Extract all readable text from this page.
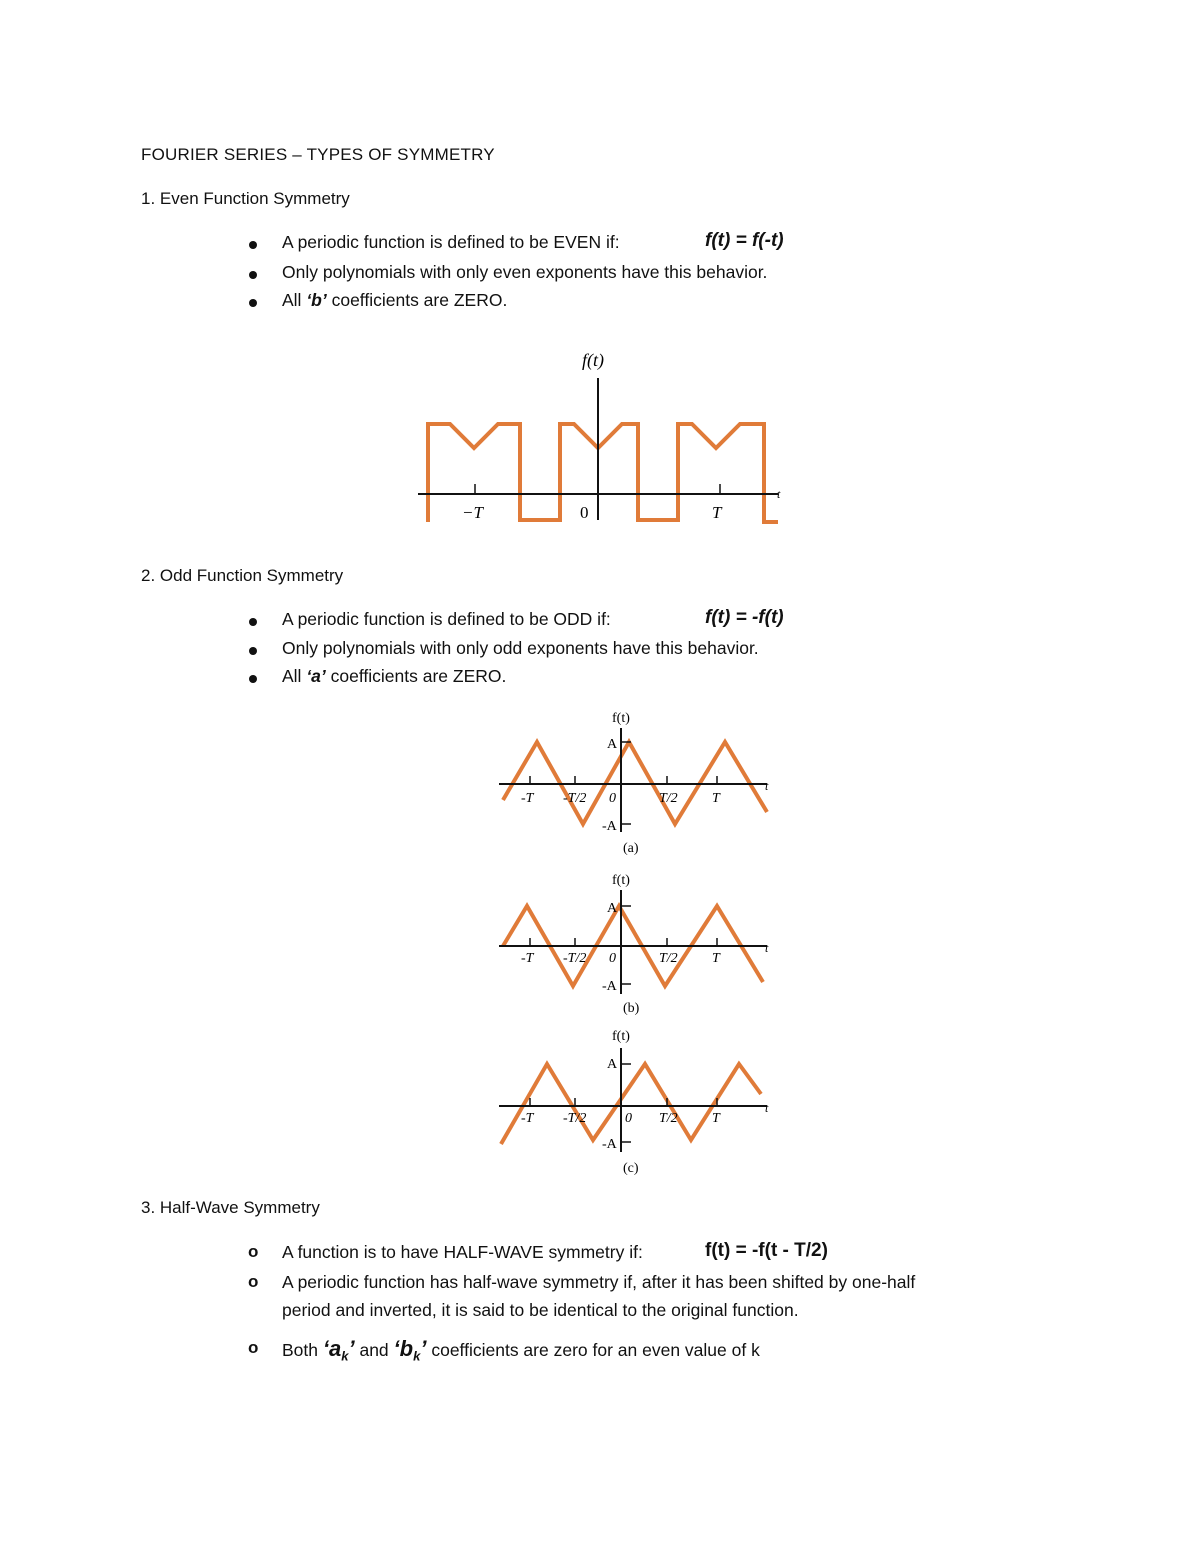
FOURIER SERIES – TYPES OF SYMMETRY
1. Even Function Symmetry
A periodic function is defined to be EVEN if:	f(t) = f(-t)
Only polynomials with only even exponents have this behavior.
All ‘b’ coefficients are ZERO.
f(t)
t
−T	0	T
2. Odd Function Symmetry
A periodic function is defined to be ODD if:	f(t) = -f(t)
Only polynomials with only odd exponents have this behavior.
All ‘a’ coefficients are ZERO.
f(t)
A
-A
t
-T -T/2 0	T/2 T
(a)
f(t)
A
-A
t
-T -T/2 0	T/2 T
(b)
f(t)
A
-A
t
-T -T/2	0 T/2 T
(c)
3. Half-Wave Symmetry
o A function is to have HALF-WAVE symmetry if:	f(t) = -f(t - T/2)
o A periodic function has half-wave symmetry if, after it has been shifted by one-half
period and inverted, it is said to be identical to the original function.
o Both ‘$a_k$’ and ‘$b_k$’ coefficients are zero for an even value of k
